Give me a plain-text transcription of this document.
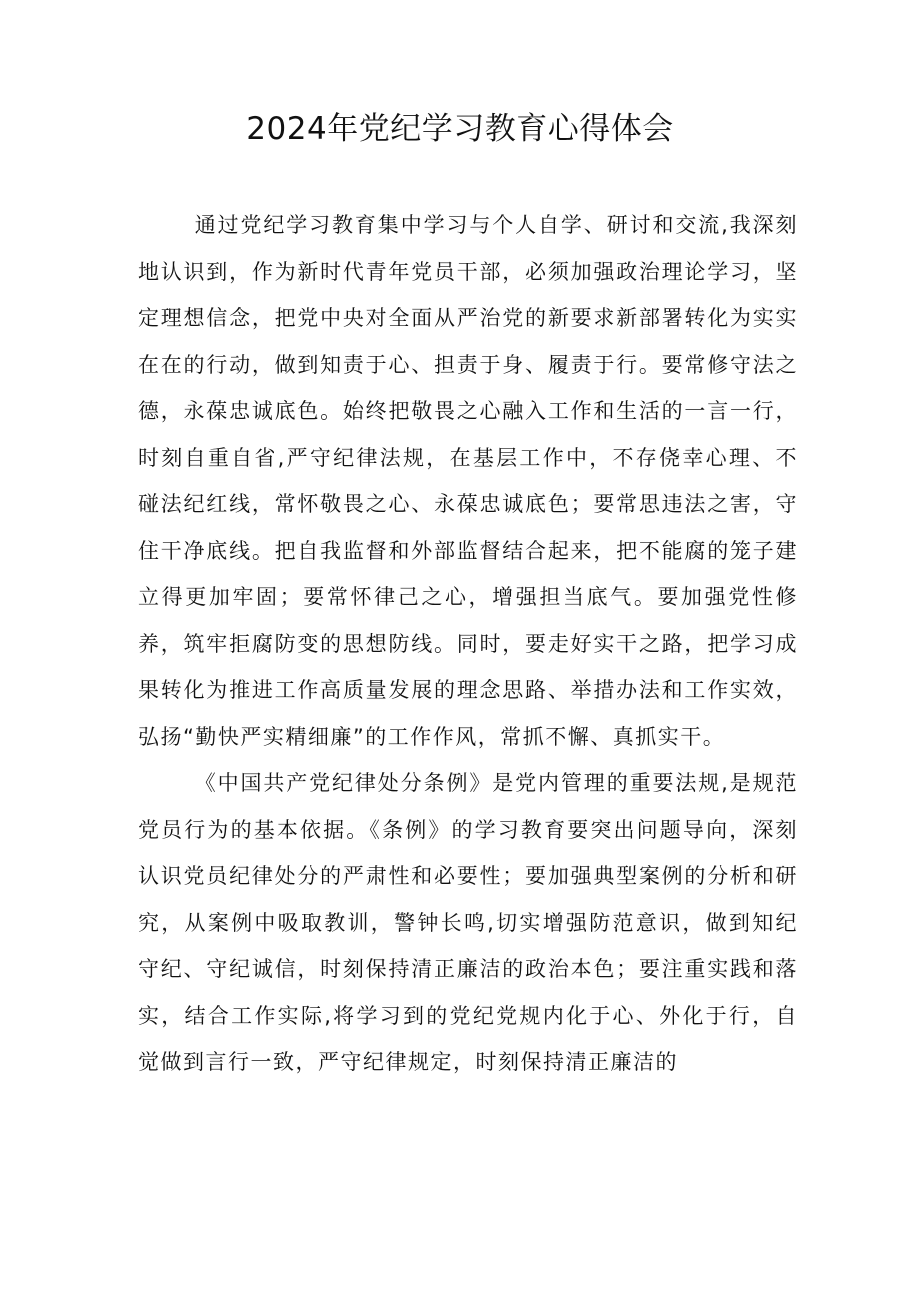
2024年党纪学习教育心得体会

通过党纪学习教育集中学习与个人自学、研讨和交流,我深刻地认识到，作为新时代青年党员干部，必须加强政治理论学习，坚定理想信念，把党中央对全面从严治党的新要求新部署转化为实实在在的行动，做到知责于心、担责于身、履责于行。要常修守法之德，永葆忠诚底色。始终把敬畏之心融入工作和生活的一言一行，时刻自重自省,严守纪律法规，在基层工作中，不存侥幸心理、不碰法纪红线，常怀敬畏之心、永葆忠诚底色；要常思违法之害，守住干净底线。把自我监督和外部监督结合起来，把不能腐的笼子建立得更加牢固；要常怀律己之心，增强担当底气。要加强党性修养，筑牢拒腐防变的思想防线。同时，要走好实干之路，把学习成果转化为推进工作高质量发展的理念思路、举措办法和工作实效，弘扬“勤快严实精细廉”的工作作风，常抓不懈、真抓实干。

《中国共产党纪律处分条例》是党内管理的重要法规,是规范党员行为的基本依据。《条例》的学习教育要突出问题导向，深刻认识党员纪律处分的严肃性和必要性；要加强典型案例的分析和研究，从案例中吸取教训，警钟长鸣,切实增强防范意识，做到知纪守纪、守纪诚信，时刻保持清正廉洁的政治本色；要注重实践和落实，结合工作实际,将学习到的党纪党规内化于心、外化于行，自觉做到言行一致，严守纪律规定，时刻保持清正廉洁的
